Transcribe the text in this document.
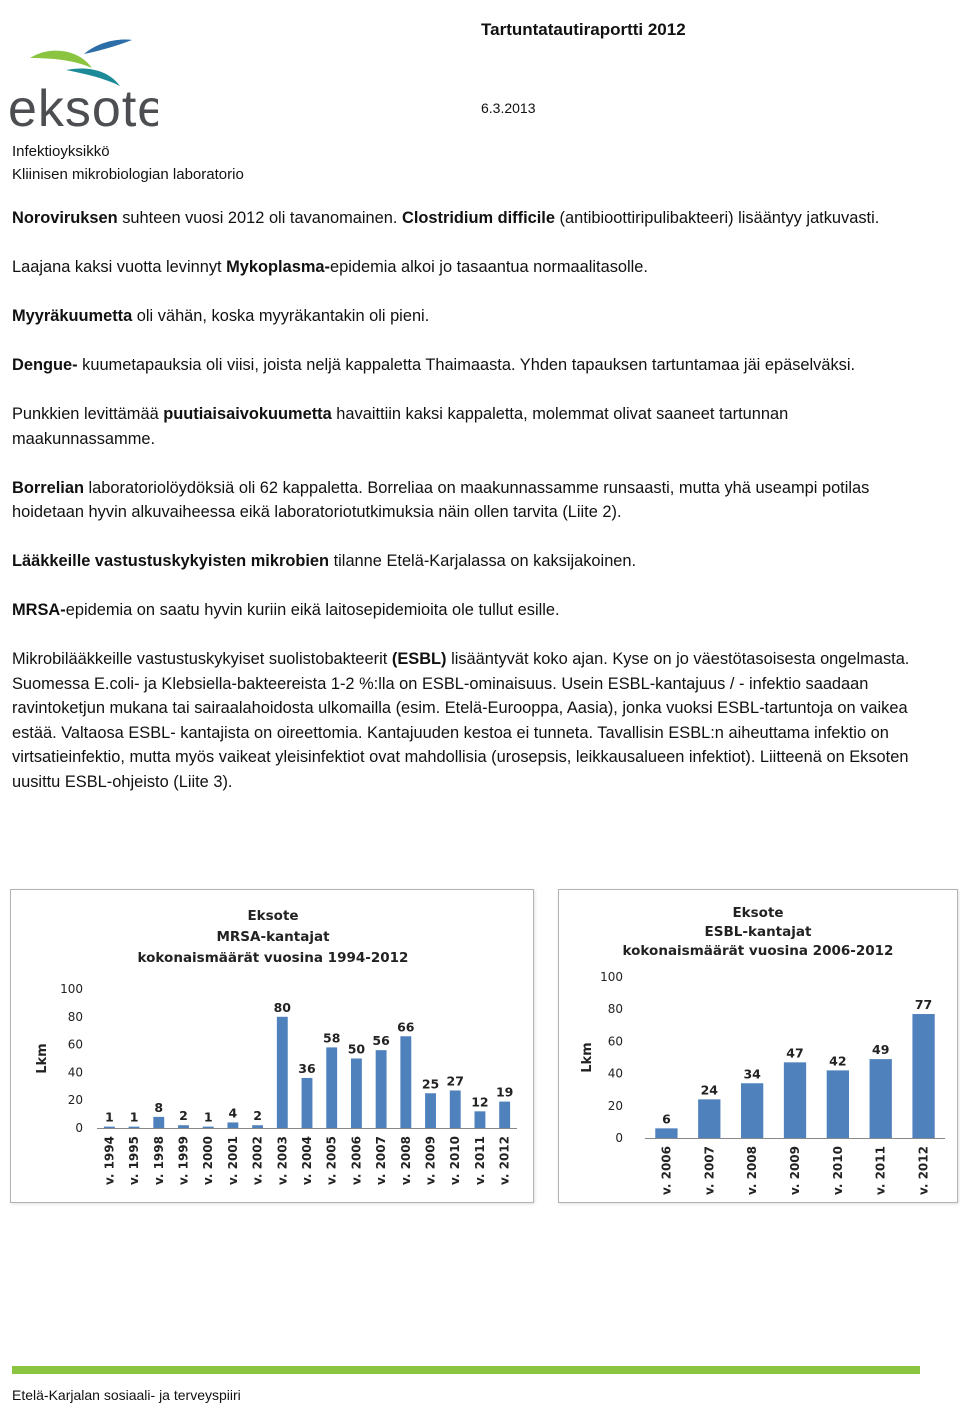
eksote
Tartuntatautiraportti 2012
6.3.2013
Infektioyksikkö
Kliinisen mikrobiologian laboratorio

Noroviruksen suhteen vuosi 2012 oli tavanomainen. Clostridium difficile (antibioottiripulibakteeri) lisääntyy jatkuvasti.

Laajana kaksi vuotta levinnyt Mykoplasma-epidemia alkoi jo tasaantua normaalitasolle.

Myyräkuumetta oli vähän, koska myyräkantakin oli pieni.

Dengue- kuumetapauksia oli viisi, joista neljä kappaletta Thaimaasta. Yhden tapauksen tartuntamaa jäi epäselväksi.

Punkkien levittämää puutiaisaivokuumetta havaittiin kaksi kappaletta, molemmat olivat saaneet tartunnan maakunnassamme.

Borrelian laboratoriolöydöksiä oli 62 kappaletta. Borreliaa on maakunnassamme runsaasti, mutta yhä useampi potilas hoidetaan hyvin alkuvaiheessa eikä laboratoriotutkimuksia näin ollen tarvita (Liite 2).

Lääkkeille vastustuskykyisten mikrobien tilanne Etelä-Karjalassa on kaksijakoinen.

MRSA-epidemia on saatu hyvin kuriin eikä laitosepidemioita ole tullut esille.

Mikrobilääkkeille vastustuskykyiset suolistobakteerit (ESBL) lisääntyvät koko ajan. Kyse on jo väestötasoisesta ongelmasta. Suomessa E.coli- ja Klebsiella-bakteereista 1-2 %:lla on ESBL-ominaisuus. Usein ESBL-kantajuus / - infektio saadaan ravintoketjun mukana tai sairaalahoidosta ulkomailla (esim. Etelä-Eurooppa, Aasia), jonka vuoksi ESBL-tartuntoja on vaikea estää. Valtaosa ESBL- kantajista on oireettomia. Kantajuuden kestoa ei tunneta. Tavallisin ESBL:n aiheuttama infektio on virtsatieinfektio, mutta myös vaikeat yleisinfektiot ovat mahdollisia (urosepsis, leikkausalueen infektiot). Liitteenä on Eksoten uusittu ESBL-ohjeisto (Liite 3).

Eksote
MRSA-kantajat
kokonaismäärät vuosina 1994-2012
Lkm
0
20
40
60
80
100
1
v. 1994
1
v. 1995
8
v. 1998
2
v. 1999
1
v. 2000
4
v. 2001
2
v. 2002
80
v. 2003
36
v. 2004
58
v. 2005
50
v. 2006
56
v. 2007
66
v. 2008
25
v. 2009
27
v. 2010
12
v. 2011
19
v. 2012
Eksote
ESBL-kantajat
kokonaismäärät vuosina 2006-2012
Lkm
0
20
40
60
80
100
6
v. 2006
24
v. 2007
34
v. 2008
47
v. 2009
42
v. 2010
49
v. 2011
77
v. 2012
Etelä-Karjalan sosiaali- ja terveyspiiri
